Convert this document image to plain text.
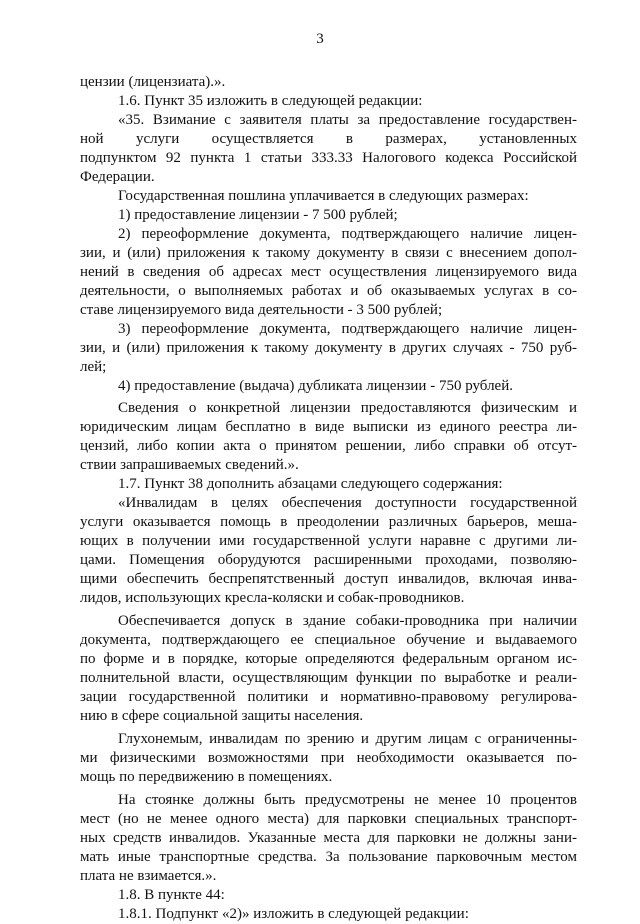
3
цензии (лицензиата).».
1.6. Пункт 35 изложить в следующей редакции:
«35. Взимание с заявителя платы за предоставление государствен-
ной услуги осуществляется в размерах, установленных
подпунктом 92 пункта 1 статьи 333.33 Налогового кодекса Российской
Федерации.
Государственная пошлина уплачивается в следующих размерах:
1) предоставление лицензии - 7 500 рублей;
2) переоформление документа, подтверждающего наличие лицен-
зии, и (или) приложения к такому документу в связи с внесением допол-
нений в сведения об адресах мест осуществления лицензируемого вида
деятельности, о выполняемых работах и об оказываемых услугах в со-
ставе лицензируемого вида деятельности - 3 500 рублей;
3) переоформление документа, подтверждающего наличие лицен-
зии, и (или) приложения к такому документу в других случаях - 750 руб-
лей;
4) предоставление (выдача) дубликата лицензии - 750 рублей.
Сведения о конкретной лицензии предоставляются физическим и
юридическим лицам бесплатно в виде выписки из единого реестра ли-
цензий, либо копии акта о принятом решении, либо справки об отсут-
ствии запрашиваемых сведений.».
1.7. Пункт 38 дополнить абзацами следующего содержания:
«Инвалидам в целях обеспечения доступности государственной
услуги оказывается помощь в преодолении различных барьеров, меша-
ющих в получении ими государственной услуги наравне с другими ли-
цами. Помещения оборудуются расширенными проходами, позволяю-
щими обеспечить беспрепятственный доступ инвалидов, включая инва-
лидов, использующих кресла-коляски и собак-проводников.
Обеспечивается допуск в здание собаки-проводника при наличии
документа, подтверждающего ее специальное обучение и выдаваемого
по форме и в порядке, которые определяются федеральным органом ис-
полнительной власти, осуществляющим функции по выработке и реали-
зации государственной политики и нормативно-правовому регулирова-
нию в сфере социальной защиты населения.
Глухонемым, инвалидам по зрению и другим лицам с ограниченны-
ми физическими возможностями при необходимости оказывается по-
мощь по передвижению в помещениях.
На стоянке должны быть предусмотрены не менее 10 процентов
мест (но не менее одного места) для парковки специальных транспорт-
ных средств инвалидов. Указанные места для парковки не должны зани-
мать иные транспортные средства. За пользование парковочным местом
плата не взимается.».
1.8. В пункте 44:
1.8.1. Подпункт «2)» изложить в следующей редакции:
